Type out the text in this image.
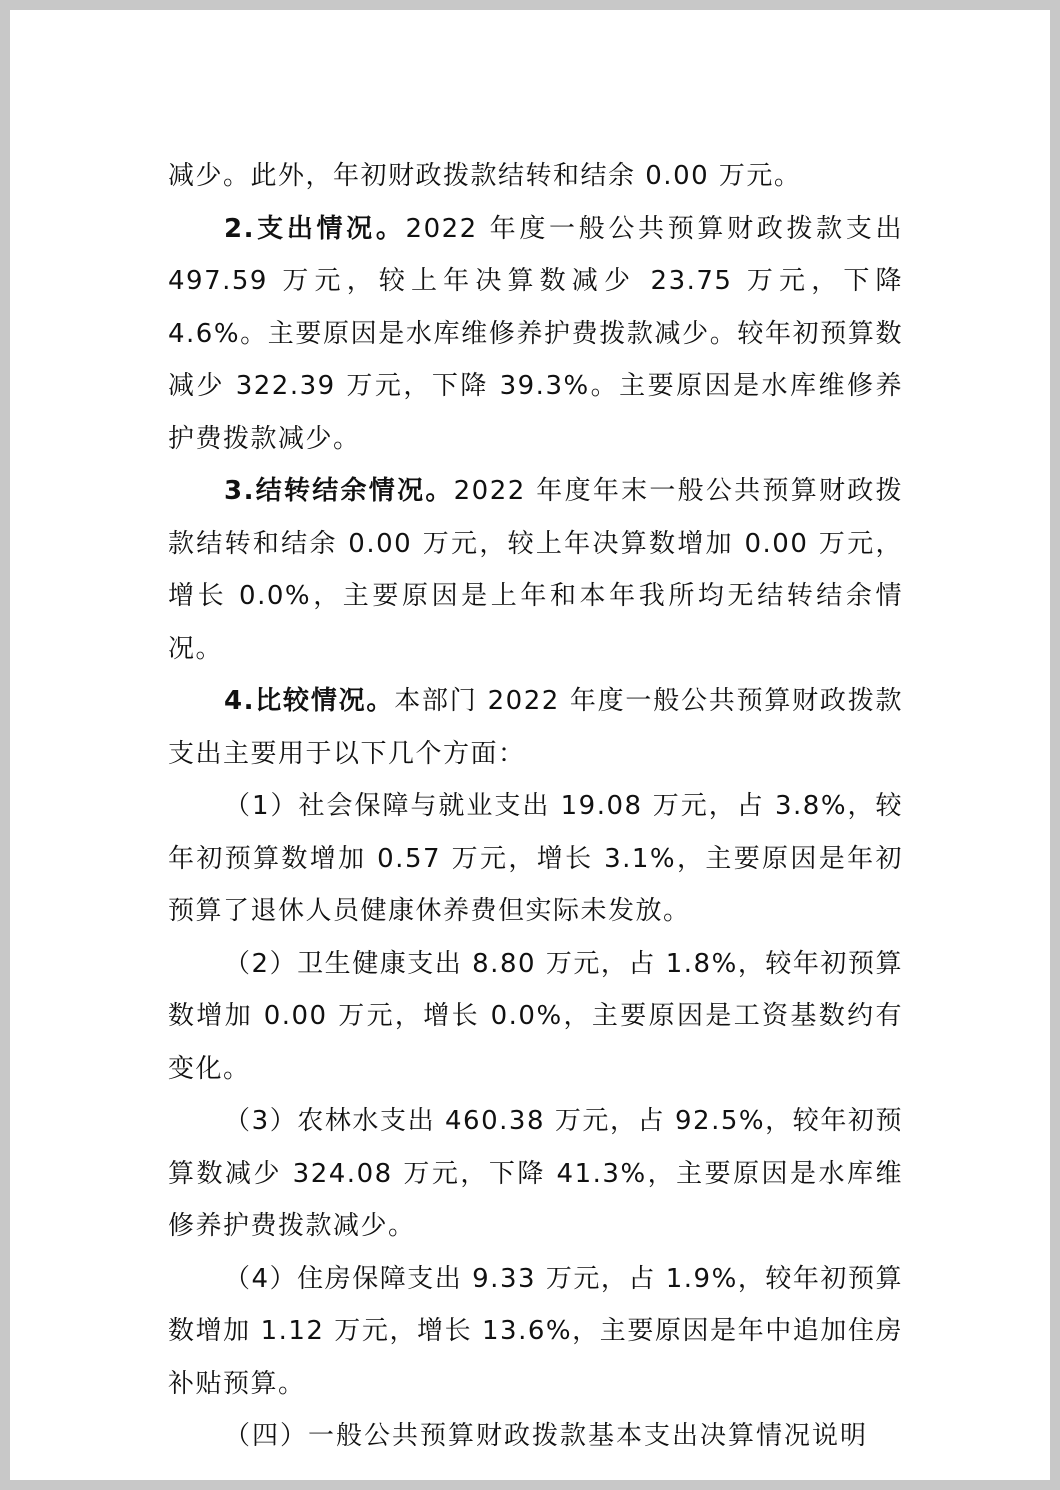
减少。此外，年初财政拨款结转和结余 0.00 万元。

2.支出情况。2022 年度一般公共预算财政拨款支出 497.59 万元，较上年决算数减少 23.75 万元，下降 4.6%。主要原因是水库维修养护费拨款减少。较年初预算数减少 322.39 万元，下降 39.3%。主要原因是水库维修养护费拨款减少。

3.结转结余情况。2022 年度年末一般公共预算财政拨款结转和结余 0.00 万元，较上年决算数增加 0.00 万元，增长 0.0%，主要原因是上年和本年我所均无结转结余情况。

4.比较情况。本部门 2022 年度一般公共预算财政拨款支出主要用于以下几个方面：

（1）社会保障与就业支出 19.08 万元，占 3.8%，较年初预算数增加 0.57 万元，增长 3.1%，主要原因是年初预算了退休人员健康休养费但实际未发放。

（2）卫生健康支出 8.80 万元，占 1.8%，较年初预算数增加 0.00 万元，增长 0.0%，主要原因是工资基数约有变化。

（3）农林水支出 460.38 万元，占 92.5%，较年初预算数减少 324.08 万元，下降 41.3%，主要原因是水库维修养护费拨款减少。

（4）住房保障支出 9.33 万元，占 1.9%，较年初预算数增加 1.12 万元，增长 13.6%，主要原因是年中追加住房补贴预算。

（四）一般公共预算财政拨款基本支出决算情况说明
